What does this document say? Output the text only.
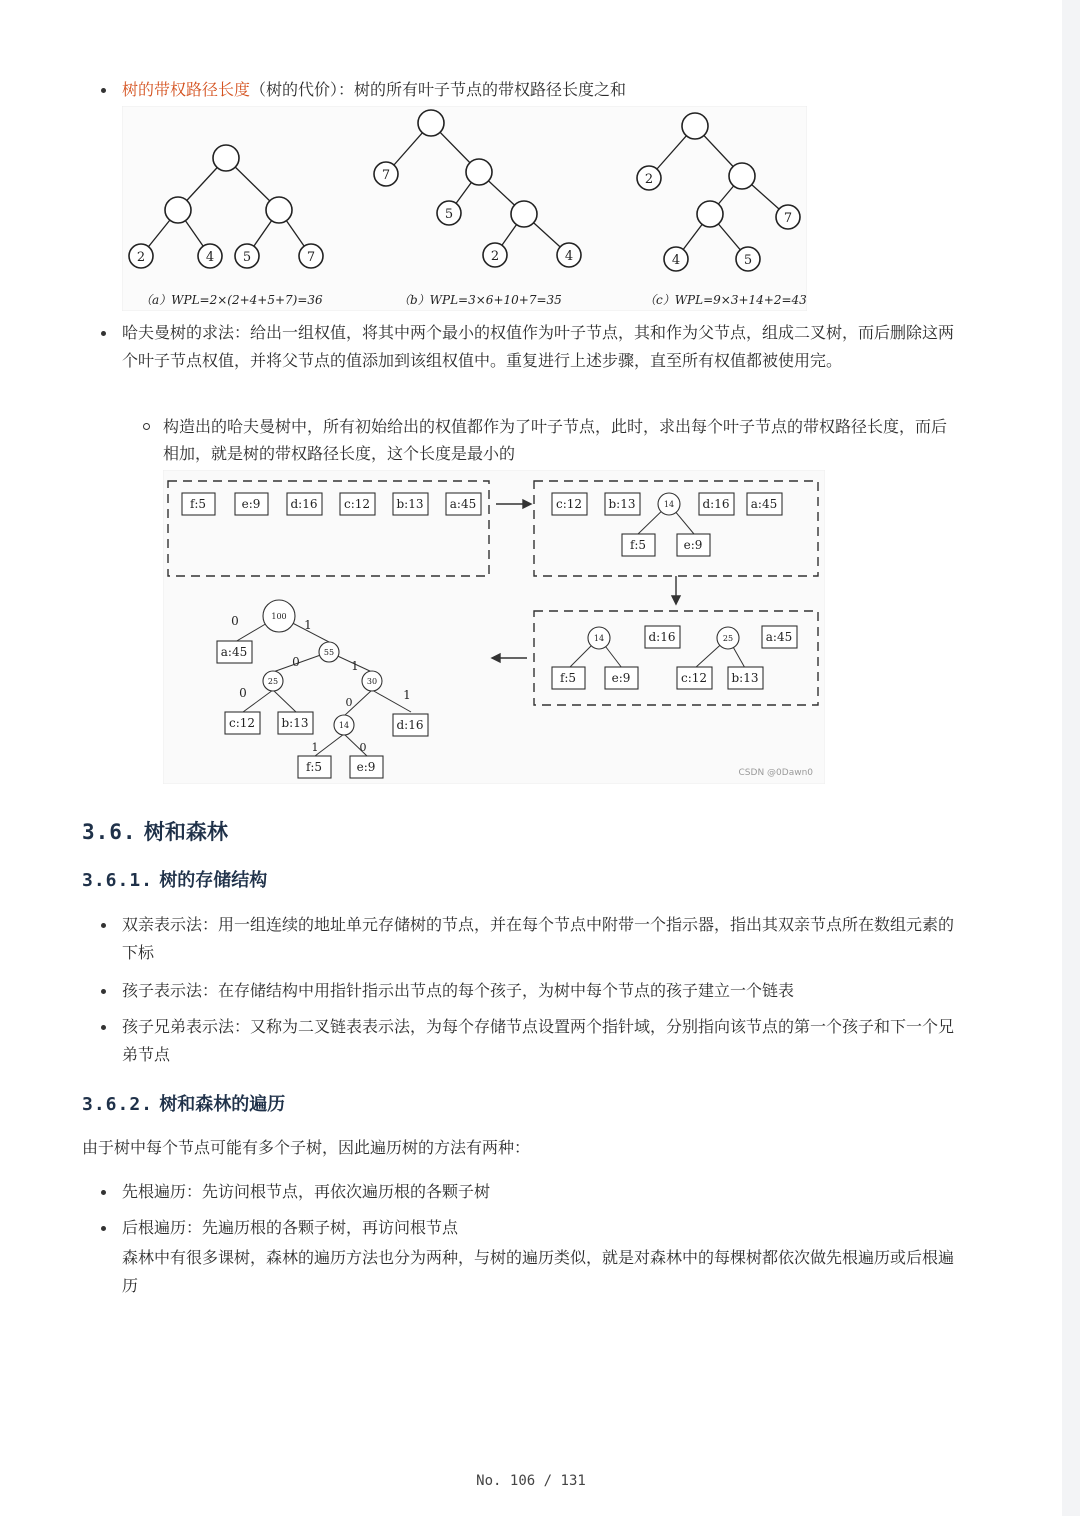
树的带权路径长度（树的代价）：树的所有叶子节点的带权路径长度之和
2	4 5	7
7
5
2	4
2
7
4	5
（a）WPL=2×(2+4+5+7)=36	（b）WPL=3×6+10+7=35	（c）WPL=9×3+14+2=43
哈夫曼树的求法：给出一组权值，将其中两个最小的权值作为叶子节点，其和作为父节点，组成二叉树，而后删除这两个叶子节点权值，并将父节点的值添加到该组权值中。重复进行上述步骤，直至所有权值都被使用完。
构造出的哈夫曼树中，所有初始给出的权值都作为了叶子节点，此时，求出每个叶子节点的带权路径长度，而后相加，就是树的带权路径长度，这个长度是最小的
f:5	e:9	d:16 c:12 b:13 a:45	c:12 b:13	d:16 a:45
f:5	e:9
d:16	a:45
f:5	e:9	c:12 b:13
a:45
c:12 b:13	d:16
f:5	e:9
0	1
0	1
0	1
0
1	0
14
14	25
100
55
25	30
14
CSDN @0Dawn0
3.6. 树和森林
3.6.1. 树的存储结构
双亲表示法：用一组连续的地址单元存储树的节点，并在每个节点中附带一个指示器，指出其双亲节点所在数组元素的下标
孩子表示法：在存储结构中用指针指示出节点的每个孩子，为树中每个节点的孩子建立一个链表
孩子兄弟表示法：又称为二叉链表表示法，为每个存储节点设置两个指针域，分别指向该节点的第一个孩子和下一个兄弟节点
3.6.2. 树和森林的遍历

由于树中每个节点可能有多个子树，因此遍历树的方法有两种：

先根遍历：先访问根节点，再依次遍历根的各颗子树
后根遍历：先遍历根的各颗子树，再访问根节点

森林中有很多课树，森林的遍历方法也分为两种，与树的遍历类似，就是对森林中的每棵树都依次做先根遍历或后根遍历

No. 106 / 131
